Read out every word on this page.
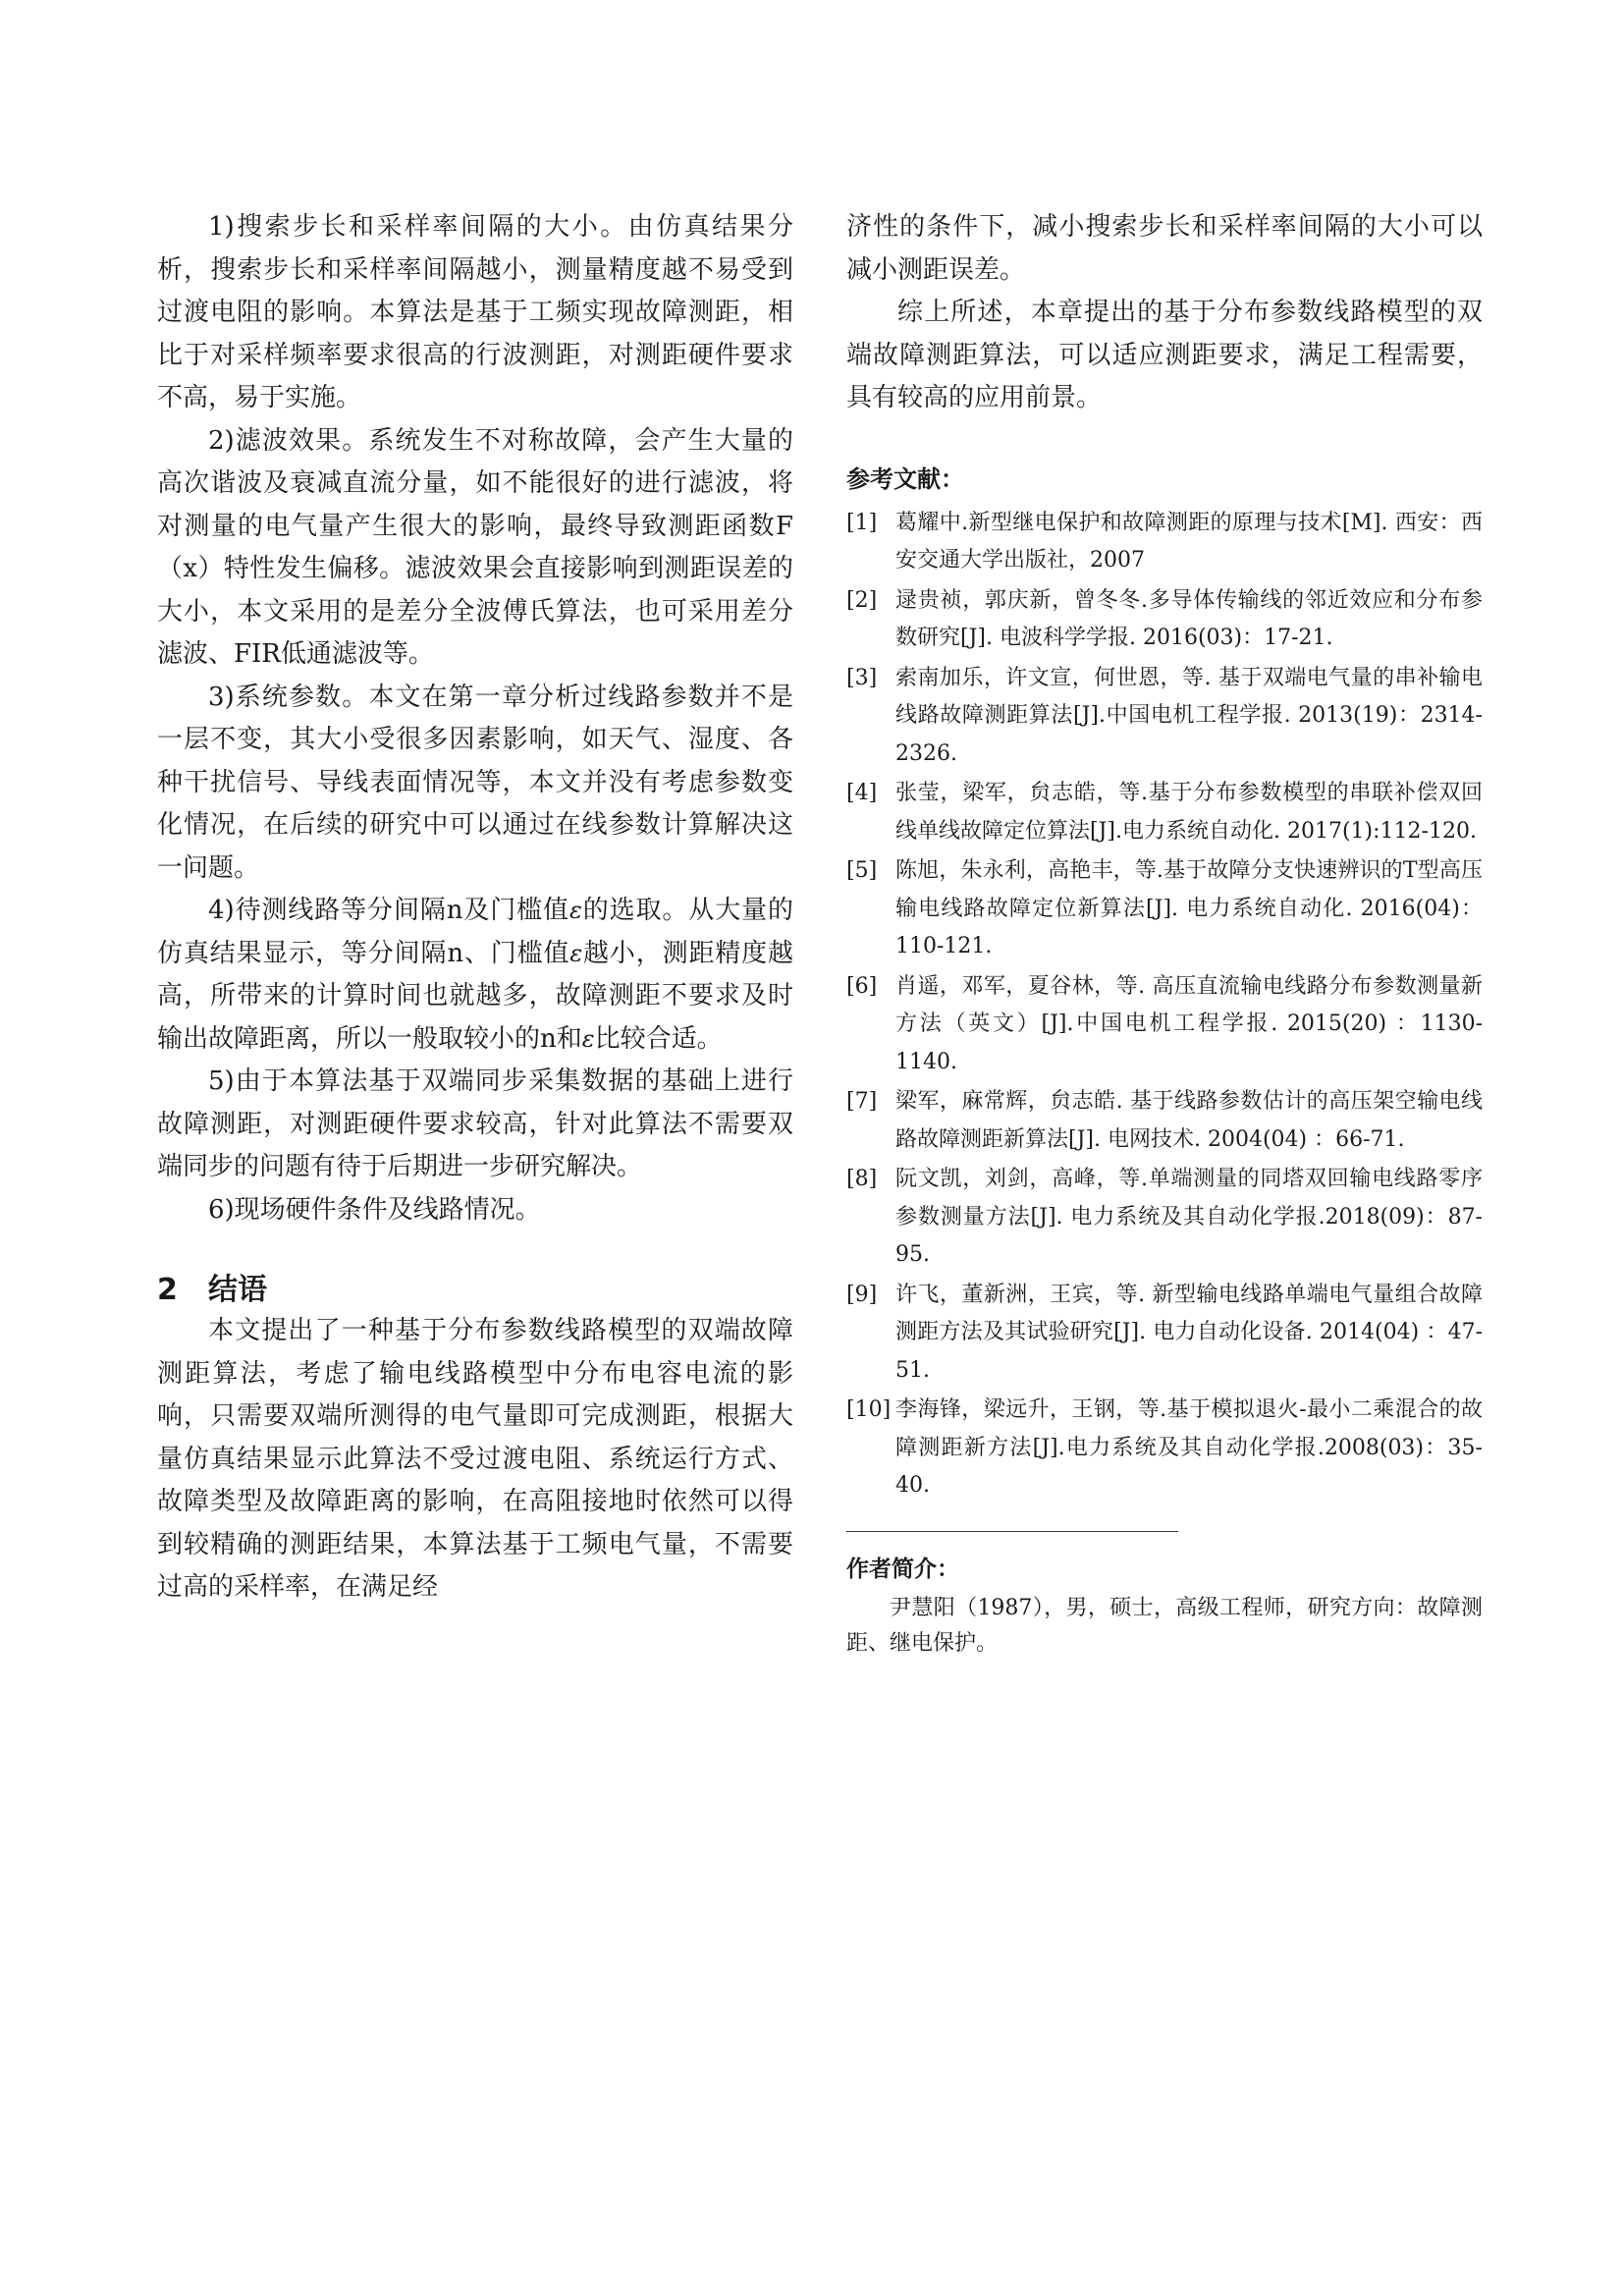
1)搜索步长和采样率间隔的大小。由仿真结果分析，搜索步长和采样率间隔越小，测量精度越不易受到过渡电阻的影响。本算法是基于工频实现故障测距，相比于对采样频率要求很高的行波测距，对测距硬件要求不高，易于实施。

2)滤波效果。系统发生不对称故障，会产生大量的高次谐波及衰减直流分量，如不能很好的进行滤波，将对测量的电气量产生很大的影响，最终导致测距函数F（x）特性发生偏移。滤波效果会直接影响到测距误差的大小，本文采用的是差分全波傅氏算法，也可采用差分滤波、FIR低通滤波等。

3)系统参数。本文在第一章分析过线路参数并不是一层不变，其大小受很多因素影响，如天气、湿度、各种干扰信号、导线表面情况等，本文并没有考虑参数变化情况，在后续的研究中可以通过在线参数计算解决这一问题。

4)待测线路等分间隔n及门槛值ε的选取。从大量的仿真结果显示，等分间隔n、门槛值ε越小，测距精度越高，所带来的计算时间也就越多，故障测距不要求及时输出故障距离，所以一般取较小的n和ε比较合适。

5)由于本算法基于双端同步采集数据的基础上进行故障测距，对测距硬件要求较高，针对此算法不需要双端同步的问题有待于后期进一步研究解决。

6)现场硬件条件及线路情况。

2 结语

本文提出了一种基于分布参数线路模型的双端故障测距算法，考虑了输电线路模型中分布电容电流的影响，只需要双端所测得的电气量即可完成测距，根据大量仿真结果显示此算法不受过渡电阻、系统运行方式、故障类型及故障距离的影响，在高阻接地时依然可以得到较精确的测距结果，本算法基于工频电气量，不需要过高的采样率，在满足经

济性的条件下，减小搜索步长和采样率间隔的大小可以减小测距误差。

综上所述，本章提出的基于分布参数线路模型的双端故障测距算法，可以适应测距要求，满足工程需要，具有较高的应用前景。

参考文献：
[1] 葛耀中.新型继电保护和故障测距的原理与技术[M]. 西安：西安交通大学出版社，2007
[2] 逯贵祯，郭庆新，曾冬冬.多导体传输线的邻近效应和分布参数研究[J]. 电波科学学报. 2016(03)：17-21.
[3] 索南加乐，许文宣，何世恩，等. 基于双端电气量的串补输电线路故障测距算法[J].中国电机工程学报. 2013(19)：2314-2326.
[4] 张莹，梁军，贠志皓，等.基于分布参数模型的串联补偿双回线单线故障定位算法[J].电力系统自动化. 2017(1):112-120.
[5] 陈旭，朱永利，高艳丰，等.基于故障分支快速辨识的T型高压输电线路故障定位新算法[J]. 电力系统自动化. 2016(04)：110-121.
[6] 肖遥，邓军，夏谷林，等. 高压直流输电线路分布参数测量新方法（英文）[J].中国电机工程学报. 2015(20) ：1130-1140.
[7] 梁军，麻常辉，贠志皓. 基于线路参数估计的高压架空输电线路故障测距新算法[J]. 电网技术. 2004(04) ：66-71.
[8] 阮文凯，刘剑，高峰，等.单端测量的同塔双回输电线路零序参数测量方法[J]. 电力系统及其自动化学报.2018(09)：87-95.
[9] 许飞，董新洲，王宾，等. 新型输电线路单端电气量组合故障测距方法及其试验研究[J]. 电力自动化设备. 2014(04) ：47-51.
[10] 李海锋，梁远升，王钢，等.基于模拟退火-最小二乘混合的故障测距新方法[J].电力系统及其自动化学报.2008(03)：35-40.
作者简介：

尹慧阳（1987），男，硕士，高级工程师，研究方向：故障测距、继电保护。
